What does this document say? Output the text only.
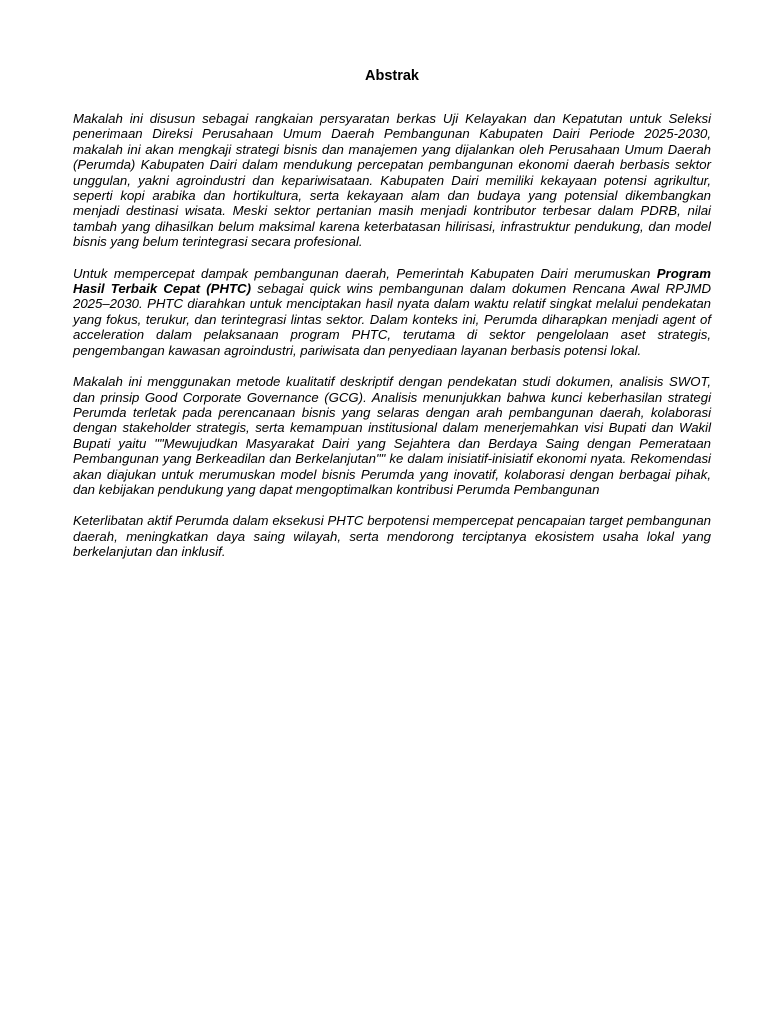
Abstrak

Makalah ini disusun sebagai rangkaian persyaratan berkas Uji Kelayakan dan Kepatutan untuk Seleksi penerimaan Direksi Perusahaan Umum Daerah Pembangunan Kabupaten Dairi Periode 2025-2030, makalah ini akan mengkaji strategi bisnis dan manajemen yang dijalankan oleh Perusahaan Umum Daerah (Perumda) Kabupaten Dairi dalam mendukung percepatan pembangunan ekonomi daerah berbasis sektor unggulan, yakni agroindustri dan kepariwisataan. Kabupaten Dairi memiliki kekayaan potensi agrikultur, seperti kopi arabika dan hortikultura, serta kekayaan alam dan budaya yang potensial dikembangkan menjadi destinasi wisata. Meski sektor pertanian masih menjadi kontributor terbesar dalam PDRB, nilai tambah yang dihasilkan belum maksimal karena keterbatasan hilirisasi, infrastruktur pendukung, dan model bisnis yang belum terintegrasi secara profesional.

Untuk mempercepat dampak pembangunan daerah, Pemerintah Kabupaten Dairi merumuskan Program Hasil Terbaik Cepat (PHTC) sebagai quick wins pembangunan dalam dokumen Rencana Awal RPJMD 2025–2030. PHTC diarahkan untuk menciptakan hasil nyata dalam waktu relatif singkat melalui pendekatan yang fokus, terukur, dan terintegrasi lintas sektor. Dalam konteks ini, Perumda diharapkan menjadi agent of acceleration dalam pelaksanaan program PHTC, terutama di sektor pengelolaan aset strategis, pengembangan kawasan agroindustri, pariwisata dan penyediaan layanan berbasis potensi lokal.

Makalah ini menggunakan metode kualitatif deskriptif dengan pendekatan studi dokumen, analisis SWOT, dan prinsip Good Corporate Governance (GCG). Analisis menunjukkan bahwa kunci keberhasilan strategi Perumda terletak pada perencanaan bisnis yang selaras dengan arah pembangunan daerah, kolaborasi dengan stakeholder strategis, serta kemampuan institusional dalam menerjemahkan visi Bupati dan Wakil Bupati yaitu ""Mewujudkan Masyarakat Dairi yang Sejahtera dan Berdaya Saing dengan Pemerataan Pembangunan yang Berkeadilan dan Berkelanjutan"" ke dalam inisiatif-inisiatif ekonomi nyata. Rekomendasi akan diajukan untuk merumuskan model bisnis Perumda yang inovatif, kolaborasi dengan berbagai pihak, dan kebijakan pendukung yang dapat mengoptimalkan kontribusi Perumda Pembangunan

Keterlibatan aktif Perumda dalam eksekusi PHTC berpotensi mempercepat pencapaian target pembangunan daerah, meningkatkan daya saing wilayah, serta mendorong terciptanya ekosistem usaha lokal yang berkelanjutan dan inklusif.
